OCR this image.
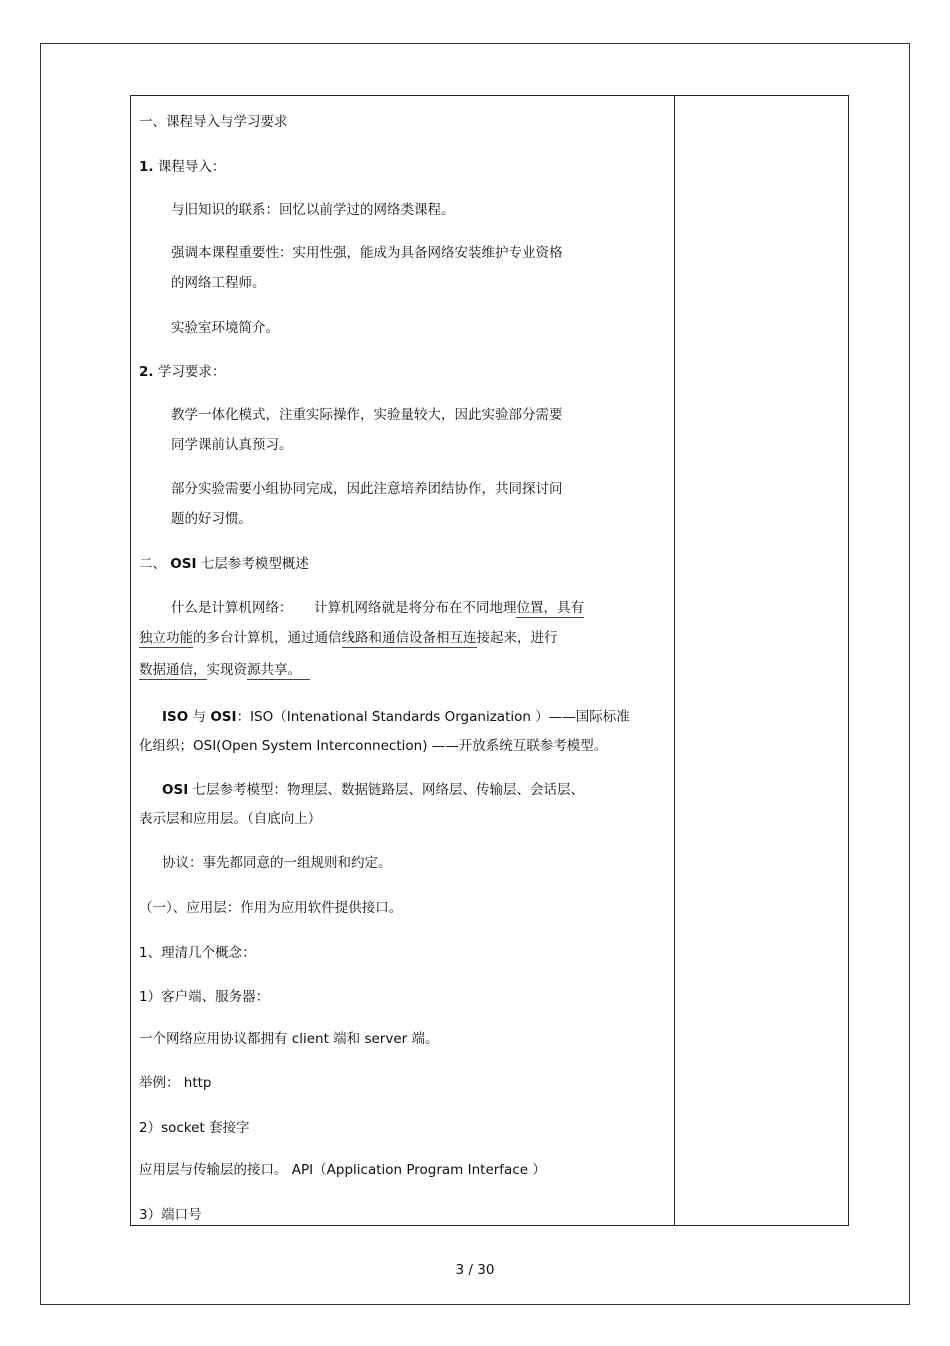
一、课程导入与学习要求
1. 课程导入：
与旧知识的联系：回忆以前学过的网络类课程。
强调本课程重要性：实用性强，能成为具备网络安装维护专业资格
的网络工程师。
实验室环境简介。
2. 学习要求：
教学一体化模式，注重实际操作，实验量较大，因此实验部分需要
同学课前认真预习。
部分实验需要小组协同完成，因此注意培养团结协作，共同探讨问
题的好习惯。
二、 OSI 七层参考模型概述
什么是计算机网络： 计算机网络就是将分布在不同地理位置，具有
独立功能的多台计算机，通过通信线路和通信设备相互连接起来，进行
数据通信，实现资源共享。
ISO 与 OSI：ISO（Intenational Standards Organization ）——国际标准
化组织；OSI(Open System Interconnection) ——开放系统互联参考模型。
OSI 七层参考模型：物理层、数据链路层、网络层、传输层、会话层、
表示层和应用层。（自底向上）
协议：事先都同意的一组规则和约定。
（一）、应用层：作用为应用软件提供接口。
1、理清几个概念：
1）客户端、服务器：
一个网络应用协议都拥有 client 端和 server 端。
举例： http
2）socket 套接字
应用层与传输层的接口。 API（Application Program Interface ）
3）端口号
3 / 30
